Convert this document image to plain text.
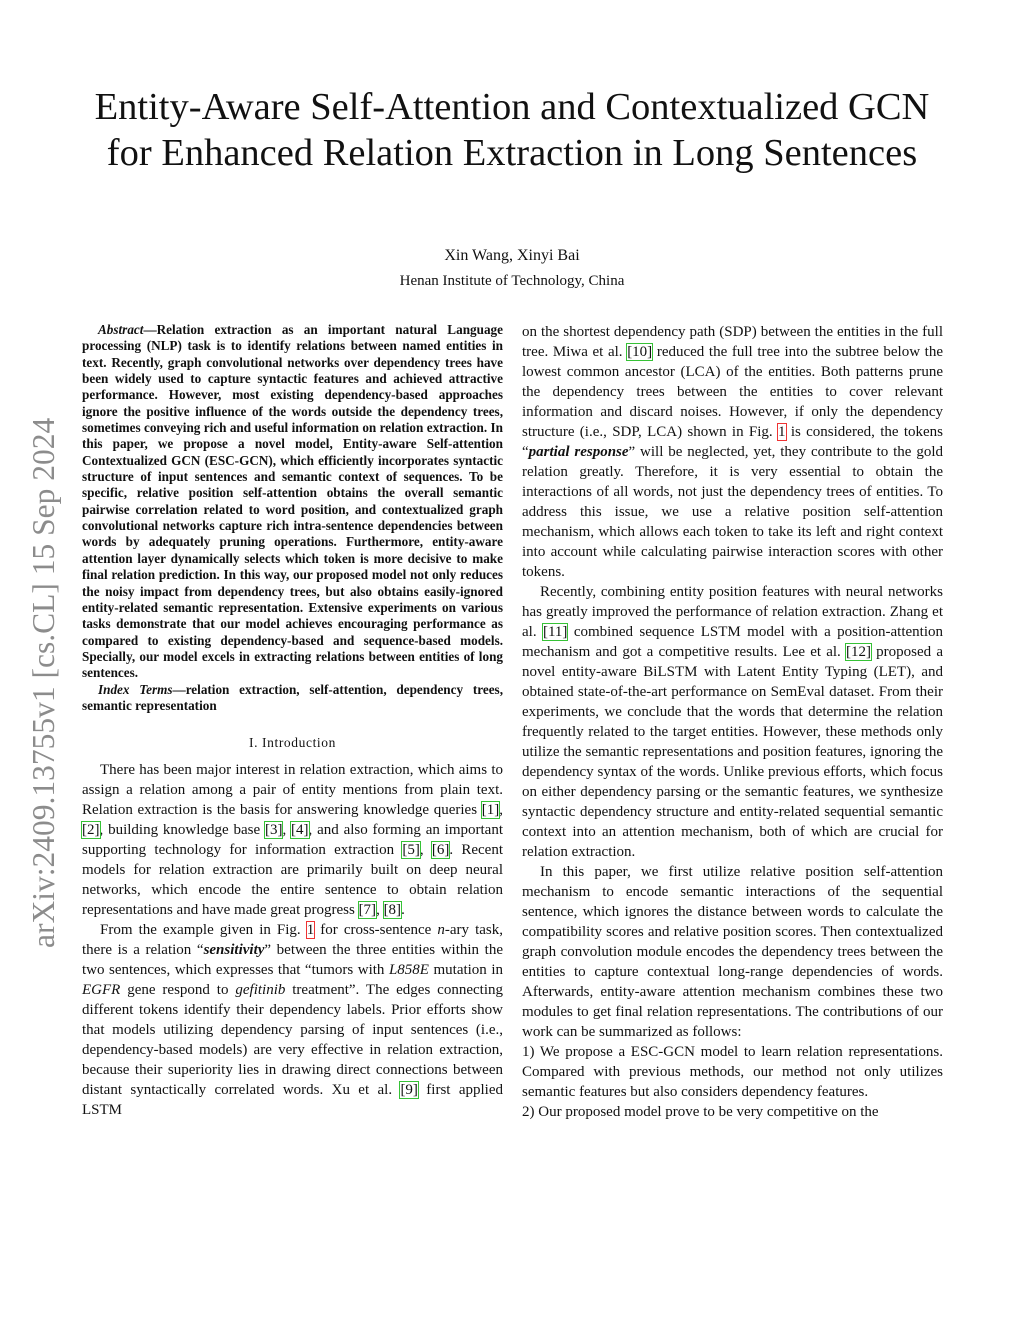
Entity-Aware Self-Attention and Contextualized GCN for Enhanced Relation Extraction in Long Sentences
Xin Wang, Xinyi Bai
Henan Institute of Technology, China
arXiv:2409.13755v1 [cs.CL] 15 Sep 2024

Abstract—Relation extraction as an important natural Language processing (NLP) task is to identify relations between named entities in text. Recently, graph convolutional networks over dependency trees have been widely used to capture syntactic features and achieved attractive performance. However, most existing dependency-based approaches ignore the positive influence of the words outside the dependency trees, sometimes conveying rich and useful information on relation extraction. In this paper, we propose a novel model, Entity-aware Self-attention Contextualized GCN (ESC-GCN), which efficiently incorporates syntactic structure of input sentences and semantic context of sequences. To be specific, relative position self-attention obtains the overall semantic pairwise correlation related to word position, and contextualized graph convolutional networks capture rich intra-sentence dependencies between words by adequately pruning operations. Furthermore, entity-aware attention layer dynamically selects which token is more decisive to make final relation prediction. In this way, our proposed model not only reduces the noisy impact from dependency trees, but also obtains easily-ignored entity-related semantic representation. Extensive experiments on various tasks demonstrate that our model achieves encouraging performance as compared to existing dependency-based and sequence-based models. Specially, our model excels in extracting relations between entities of long sentences.

Index Terms—relation extraction, self-attention, dependency trees, semantic representation

I. Introduction

There has been major interest in relation extraction, which aims to assign a relation among a pair of entity mentions from plain text. Relation extraction is the basis for answering knowledge queries [1], [2], building knowledge base [3], [4], and also forming an important supporting technology for information extraction [5], [6]. Recent models for relation extraction are primarily built on deep neural networks, which encode the entire sentence to obtain relation representations and have made great progress [7], [8].

From the example given in Fig. 1 for cross-sentence n-ary task, there is a relation “sensitivity” between the three entities within the two sentences, which expresses that “tumors with L858E mutation in EGFR gene respond to gefitinib treatment”. The edges connecting different tokens identify their dependency labels. Prior efforts show that models utilizing dependency parsing of input sentences (i.e., dependency-based models) are very effective in relation extraction, because their superiority lies in drawing direct connections between distant syntactically correlated words. Xu et al. [9] first applied LSTM

on the shortest dependency path (SDP) between the entities in the full tree. Miwa et al. [10] reduced the full tree into the subtree below the lowest common ancestor (LCA) of the entities. Both patterns prune the dependency trees between the entities to cover relevant information and discard noises. However, if only the dependency structure (i.e., SDP, LCA) shown in Fig. 1 is considered, the tokens “partial response” will be neglected, yet, they contribute to the gold relation greatly. Therefore, it is very essential to obtain the interactions of all words, not just the dependency trees of entities. To address this issue, we use a relative position self-attention mechanism, which allows each token to take its left and right context into account while calculating pairwise interaction scores with other tokens.

Recently, combining entity position features with neural networks has greatly improved the performance of relation extraction. Zhang et al. [11] combined sequence LSTM model with a position-attention mechanism and got a competitive results. Lee et al. [12] proposed a novel entity-aware BiLSTM with Latent Entity Typing (LET), and obtained state-of-the-art performance on SemEval dataset. From their experiments, we conclude that the words that determine the relation frequently related to the target entities. However, these methods only utilize the semantic representations and position features, ignoring the dependency syntax of the words. Unlike previous efforts, which focus on either dependency parsing or the semantic features, we synthesize syntactic dependency structure and entity-related sequential semantic context into an attention mechanism, both of which are crucial for relation extraction.

In this paper, we first utilize relative position self-attention mechanism to encode semantic interactions of the sequential sentence, which ignores the distance between words to calculate the compatibility scores and relative position scores. Then contextualized graph convolution module encodes the dependency trees between the entities to capture contextual long-range dependencies of words. Afterwards, entity-aware attention mechanism combines these two modules to get final relation representations. The contributions of our work can be summarized as follows:

1) We propose a ESC-GCN model to learn relation representations. Compared with previous methods, our method not only utilizes semantic features but also considers dependency features.

2) Our proposed model prove to be very competitive on the
